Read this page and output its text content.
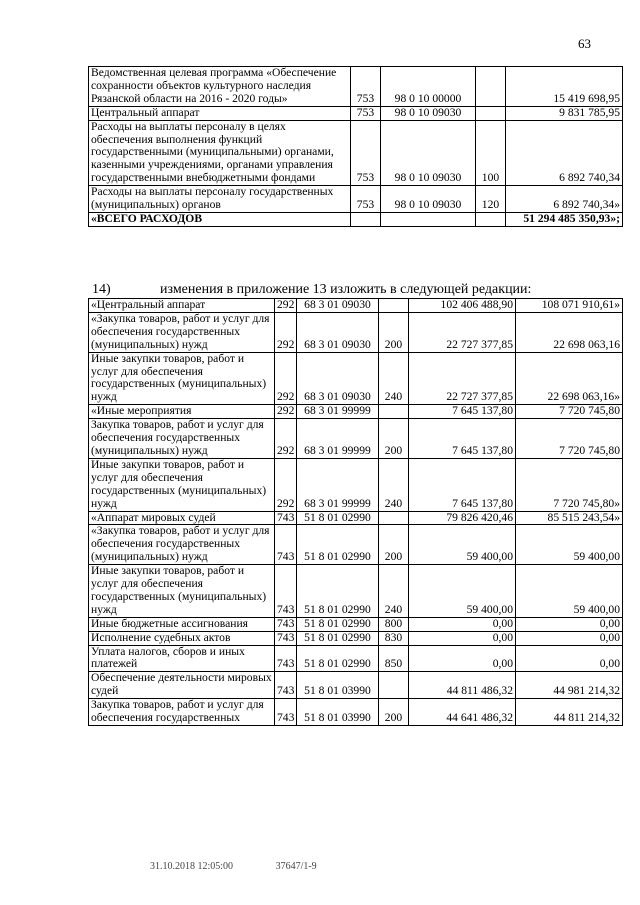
63
Ведомственная целевая программа «Обеспечение сохранности объектов культурного наследия Рязанской области на 2016 - 2020 годы»	753	98 0 10 00000		15 419 698,95
Центральный аппарат	753	98 0 10 09030		9 831 785,95
Расходы на выплаты персоналу в целях обеспечения выполнения функций государственными (муниципальными) органами, казенными учреждениями, органами управления государственными внебюджетными фондами	753	98 0 10 09030	100	6 892 740,34
Расходы на выплаты персоналу государственных (муниципальных) органов	753	98 0 10 09030	120	6 892 740,34»
«ВСЕГО РАСХОДОВ				51 294 485 350,93»;
14)	изменения в приложение 13 изложить в следующей редакции:
«Центральный аппарат	292	68 3 01 09030		102 406 488,90	108 071 910,61»
«Закупка товаров, работ и услуг для обеспечения государственных (муниципальных) нужд	292	68 3 01 09030	200	22 727 377,85	22 698 063,16
Иные закупки товаров, работ и услуг для обеспечения государственных (муниципальных) нужд	292	68 3 01 09030	240	22 727 377,85	22 698 063,16»
«Иные мероприятия	292	68 3 01 99999		7 645 137,80	7 720 745,80
Закупка товаров, работ и услуг для обеспечения государственных (муниципальных) нужд	292	68 3 01 99999	200	7 645 137,80	7 720 745,80
Иные закупки товаров, работ и услуг для обеспечения государственных (муниципальных) нужд	292	68 3 01 99999	240	7 645 137,80	7 720 745,80»
«Аппарат мировых судей	743	51 8 01 02990		79 826 420,46	85 515 243,54»
«Закупка товаров, работ и услуг для обеспечения государственных (муниципальных) нужд	743	51 8 01 02990	200	59 400,00	59 400,00
Иные закупки товаров, работ и услуг для обеспечения государственных (муниципальных) нужд	743	51 8 01 02990	240	59 400,00	59 400,00
Иные бюджетные ассигнования	743	51 8 01 02990	800	0,00	0,00
Исполнение судебных актов	743	51 8 01 02990	830	0,00	0,00
Уплата налогов, сборов и иных платежей	743	51 8 01 02990	850	0,00	0,00
Обеспечение деятельности мировых судей	743	51 8 01 03990		44 811 486,32	44 981 214,32
Закупка товаров, работ и услуг для обеспечения государственных	743	51 8 01 03990	200	44 641 486,32	44 811 214,32
31.10.2018 12:05:00	37647/1-9
